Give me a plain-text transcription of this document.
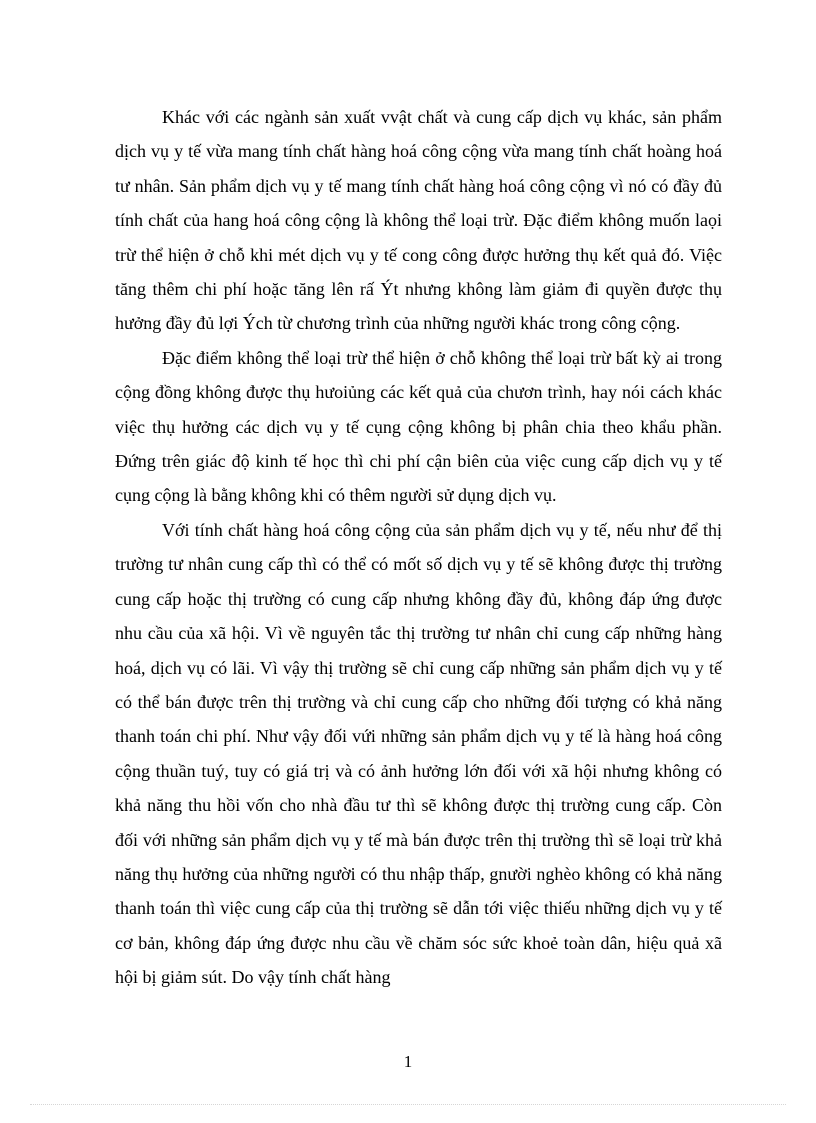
Khác với các ngành sản xuất vvật chất và cung cấp dịch vụ khác, sản phẩm dịch vụ y tế vừa mang tính chất hàng hoá công cộng vừa mang tính chất hoàng hoá tư nhân. Sản phẩm dịch vụ y tế mang tính chất hàng hoá công cộng vì nó có đầy đủ tính chất của hang hoá công cộng là không thể loại trừ. Đặc điểm không muốn laọi trừ thể hiện ở chỗ khi mét dịch vụ y tế cong công được hưởng thụ kết quả đó. Việc tăng thêm chi phí hoặc tăng lên rấ Ýt nhưng không làm giảm đi quyền được thụ hưởng đầy đủ lợi Ých từ chương trình của những người khác trong công cộng.

Đặc điểm không thể loại trừ thể hiện ở chỗ không thể loại trừ bất kỳ ai trong cộng đồng không được thụ hưoiủng các kết quả của chươn trình, hay nói cách khác việc thụ hưởng các dịch vụ y tế cụng cộng không bị phân chia theo khẩu phần. Đứng trên giác độ kinh tế học thì chi phí cận biên của việc cung cấp dịch vụ y tế cụng cộng là bằng không khi có thêm người sử dụng dịch vụ.

Với tính chất hàng hoá công cộng của sản phẩm dịch vụ y tế, nếu như để thị trường tư nhân cung cấp thì có thể có mốt số dịch vụ y tế sẽ không được thị trường cung cấp hoặc thị trường có cung cấp nhưng không đầy đủ, không đáp ứng được nhu cầu của xã hội. Vì về nguyên tắc thị trường tư nhân chỉ cung cấp những hàng hoá, dịch vụ có lãi. Vì vậy thị trường sẽ chỉ cung cấp những sản phẩm dịch vụ y tế có thể bán được trên thị trường và chỉ cung cấp cho những đối tượng có khả năng thanh toán chi phí. Như vậy đối vứi những sản phẩm dịch vụ y tế là hàng hoá công cộng thuần tuý, tuy có giá trị và có ảnh hưởng lớn đối với xã hội nhưng không có khả năng thu hồi vốn cho nhà đầu tư thì sẽ không được thị trường cung cấp. Còn đối với những sản phẩm dịch vụ y tế mà bán được trên thị trường thì sẽ loại trừ khả năng thụ hưởng của những người có thu nhập thấp, gnười nghèo không có khả năng thanh toán thì việc cung cấp của thị trường sẽ dẫn tới việc thiếu những dịch vụ y tế cơ bản, không đáp ứng được nhu cầu về chăm sóc sức khoẻ toàn dân, hiệu quả xã hội bị giảm sút. Do vậy tính chất hàng

1
